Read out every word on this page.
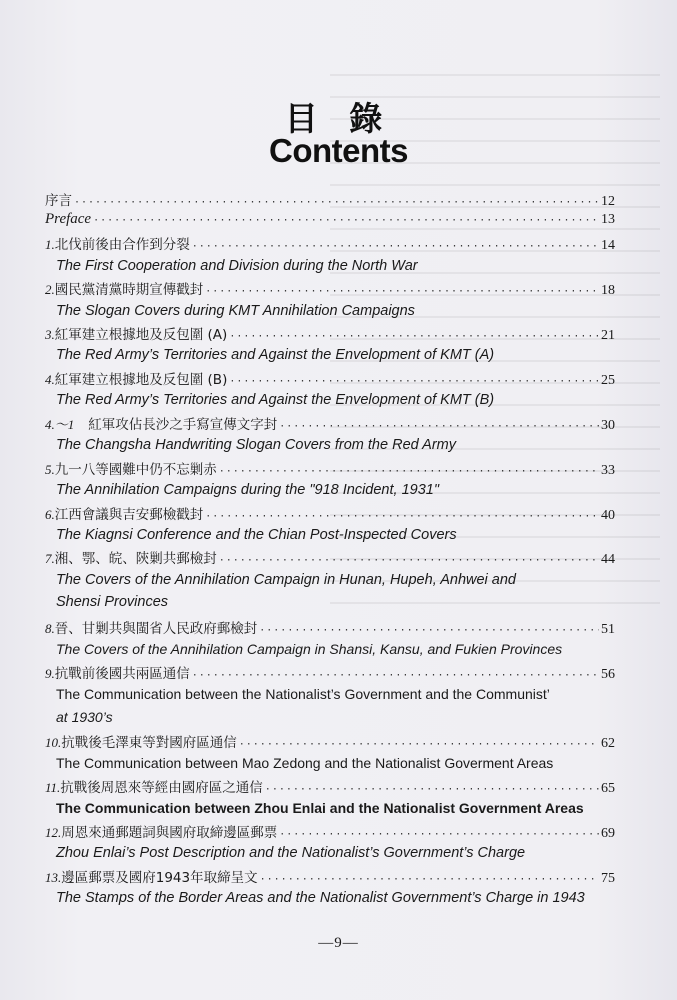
目 錄
Contents
序言 ·····	12
Preface ·····	13
1. 北伐前後由合作到分裂 ·····	14
The First Cooperation and Division during the North War
2. 國民黨清黨時期宣傳戳封 ·····	18
The Slogan Covers during KMT Annihilation Campaigns
3. 紅軍建立根據地及反包圍 (A) ·····	21
The Red Army’s Territories and Against the Envelopment of KMT (A)
4. 紅軍建立根據地及反包圍 (B) ·····	25
The Red Army’s Territories and Against the Envelopment of KMT (B)
4.～1 紅軍攻佔長沙之手寫宣傳文字封 ·····	30
The Changsha Handwriting Slogan Covers from the Red Army
5. 九一八等國難中仍不忘剿赤 ·····	33
The Annihilation Campaigns during the "918 Incident, 1931"
6. 江西會議與吉安郵檢戳封 ·····	40
The Kiagnsi Conference and the Chian Post-Inspected Covers
7. 湘、鄂、皖、陝剿共郵檢封 ·····	44
The Covers of the Annihilation Campaign in Hunan, Hupeh, Anhwei and
Shensi Provinces
8. 晉、甘剿共與閩省人民政府郵檢封 ·····	51
The Covers of the Annihilation Campaign in Shansi, Kansu, and Fukien Provinces
9. 抗戰前後國共兩區通信 ·····	56
The Communication between the Nationalist’s Government and the Communist’
at 1930’s
10. 抗戰後毛澤東等對國府區通信 ·····	62
The Communication between Mao Zedong and the Nationalist Goverment Areas
11. 抗戰後周恩來等經由國府區之通信 ·····	65
The Communication between Zhou Enlai and the Nationalist Government Areas
12. 周恩來通郵題詞與國府取締邊區郵票 ·····	69
Zhou Enlai’s Post Description and the Nationalist’s Government’s Charge
13. 邊區郵票及國府1943年取締呈文 ·····	75
The Stamps of the Border Areas and the Nationalist Government’s Charge in 1943
—9—
